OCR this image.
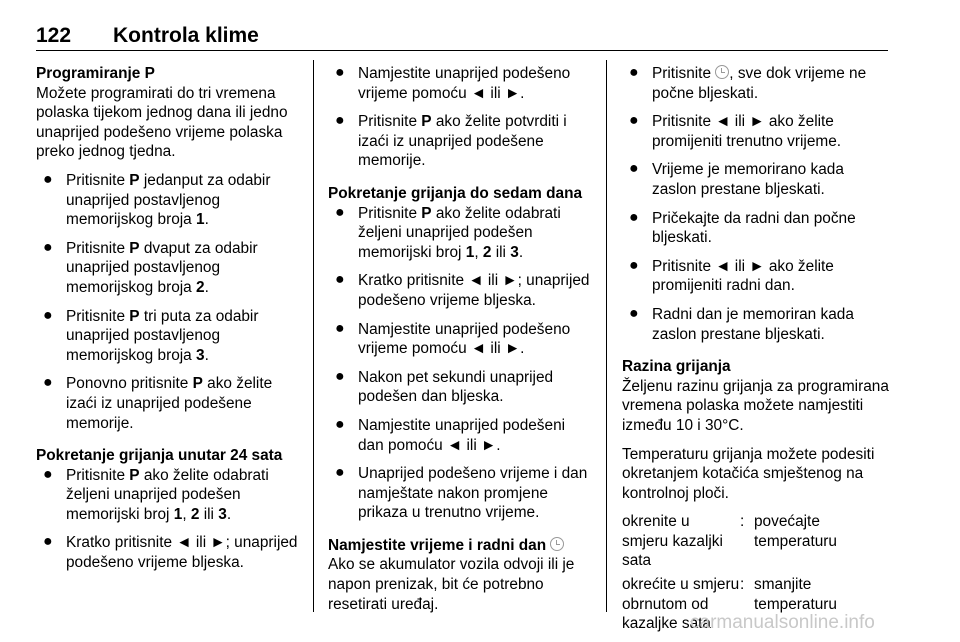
122 Kontrola klime
Programiranje P

Možete programirati do tri vremena polaska tijekom jednog dana ili jedno unaprijed podešeno vrijeme polaska preko jednog tjedna.

● Pritisnite P jedanput za odabir unaprijed postavljenog memorijskog broja 1.
● Pritisnite P dvaput za odabir unaprijed postavljenog memorijskog broja 2.
● Pritisnite P tri puta za odabir unaprijed postavljenog memorijskog broja 3.
● Ponovno pritisnite P ako želite izaći iz unaprijed podešene memorije.
Pokretanje grijanja unutar 24 sata
● Pritisnite P ako želite odabrati željeni unaprijed podešen memorijski broj 1, 2 ili 3.
● Kratko pritisnite ◄ ili ►; unaprijed podešeno vrijeme bljeska.
● Namjestite unaprijed podešeno vrijeme pomoću ◄ ili ►.
● Pritisnite P ako želite potvrditi i izaći iz unaprijed podešene memorije.
Pokretanje grijanja do sedam dana
● Pritisnite P ako želite odabrati željeni unaprijed podešen memorijski broj 1, 2 ili 3.
● Kratko pritisnite ◄ ili ►; unaprijed podešeno vrijeme bljeska.
● Namjestite unaprijed podešeno vrijeme pomoću ◄ ili ►.
● Nakon pet sekundi unaprijed podešen dan bljeska.
● Namjestite unaprijed podešeni dan pomoću ◄ ili ►.
● Unaprijed podešeno vrijeme i dan namještate nakon promjene prikaza u trenutno vrijeme.
Namjestite vrijeme i radni dan

Ako se akumulator vozila odvoji ili je napon prenizak, bit će potrebno resetirati uređaj.

● Pritisnite , sve dok vrijeme ne počne bljeskati.
● Pritisnite ◄ ili ► ako želite promijeniti trenutno vrijeme.
● Vrijeme je memorirano kada zaslon prestane bljeskati.
● Pričekajte da radni dan počne bljeskati.
● Pritisnite ◄ ili ► ako želite promijeniti radni dan.
● Radni dan je memoriran kada zaslon prestane bljeskati.
Razina grijanja

Željenu razinu grijanja za programirana vremena polaska možete namjestiti između 10 i 30°C.

Temperaturu grijanja možete podesiti okretanjem kotačića smještenog na kontrolnoj ploči.

okrenite u smjeru kazaljki sata	:	povećajte temperaturu
okrećite u smjeru obrnutom od kazaljke sata	:	smanjite temperaturu
carmanualsonline.info
